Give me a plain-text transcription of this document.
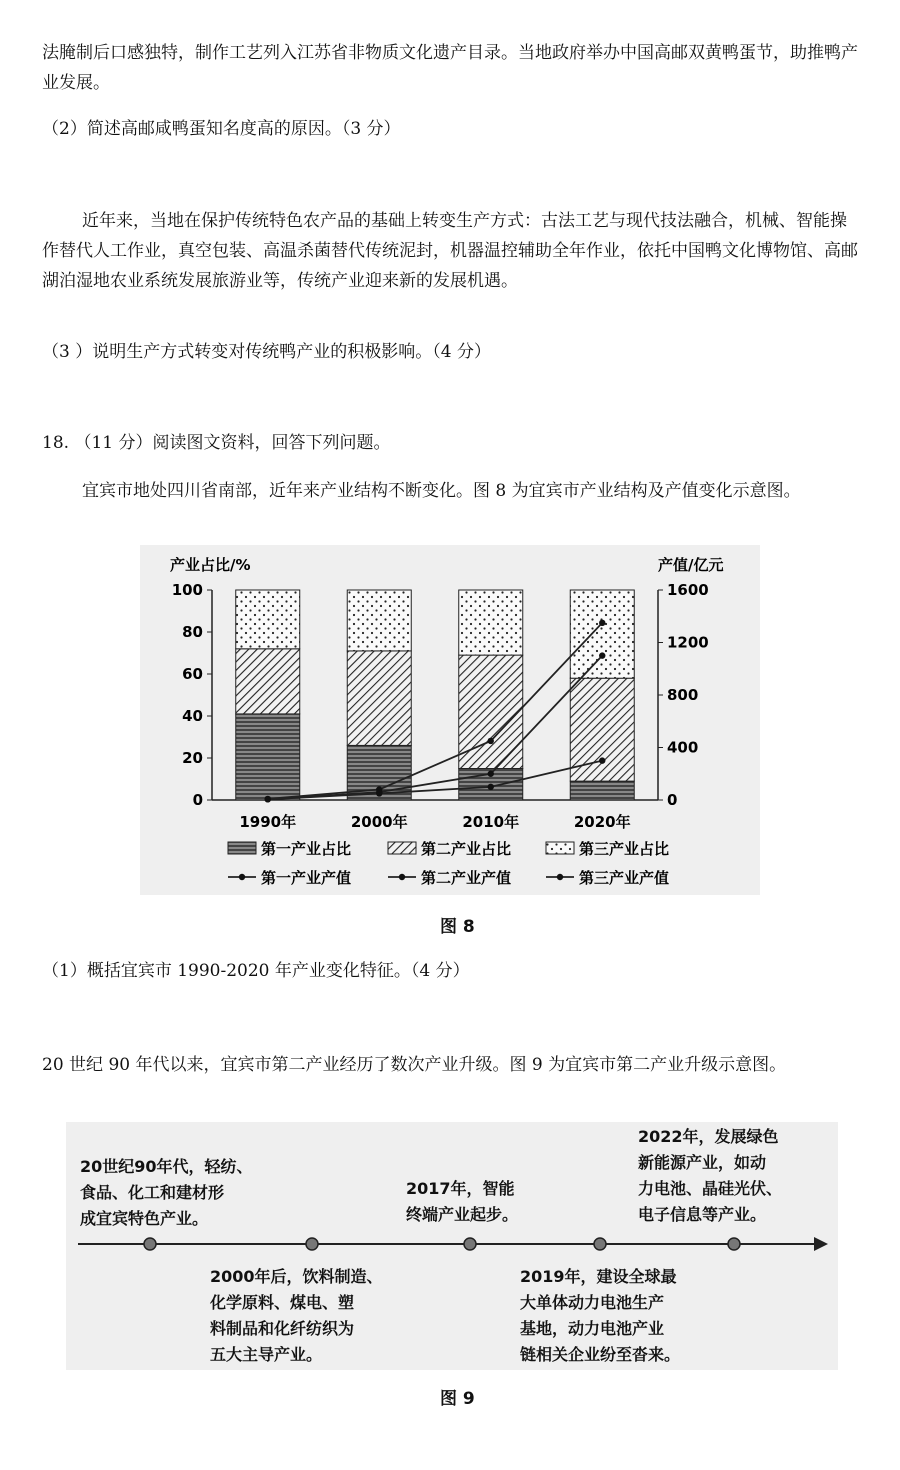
法腌制后口感独特，制作工艺列入江苏省非物质文化遗产目录。当地政府举办中国高邮双黄鸭蛋节，助推鸭产业发展。

（2）简述高邮咸鸭蛋知名度高的原因。（3 分）

近年来，当地在保护传统特色农产品的基础上转变生产方式：古法工艺与现代技法融合，机械、智能操作替代人工作业，真空包装、高温杀菌替代传统泥封，机器温控辅助全年作业，依托中国鸭文化博物馆、高邮湖泊湿地农业系统发展旅游业等，传统产业迎来新的发展机遇。

（3 ）说明生产方式转变对传统鸭产业的积极影响。（4 分）

18. （11 分）阅读图文资料，回答下列问题。

宜宾市地处四川省南部，近年来产业结构不断变化。图 8 为宜宾市产业结构及产值变化示意图。

产业占比/%	产值/亿元
0
20
40
60
80
100
0
400
800
1200
1600
1990年	2000年	2010年	2020年
第一产业占比	第二产业占比	第三产业占比
第一产业产值	第二产业产值	第三产业产值
图 8

（1）概括宜宾市 1990-2020 年产业变化特征。（4 分）

20 世纪 90 年代以来，宜宾市第二产业经历了数次产业升级。图 9 为宜宾市第二产业升级示意图。

20世纪90年代，轻纺、
食品、化工和建材形
成宜宾特色产业。
2017年，智能
终端产业起步。
2022年，发展绿色
新能源产业，如动
力电池、晶硅光伏、
电子信息等产业。
2000年后，饮料制造、
化学原料、煤电、塑
料制品和化纤纺织为
五大主导产业。
2019年，建设全球最
大单体动力电池生产
基地，动力电池产业
链相关企业纷至沓来。
图 9
